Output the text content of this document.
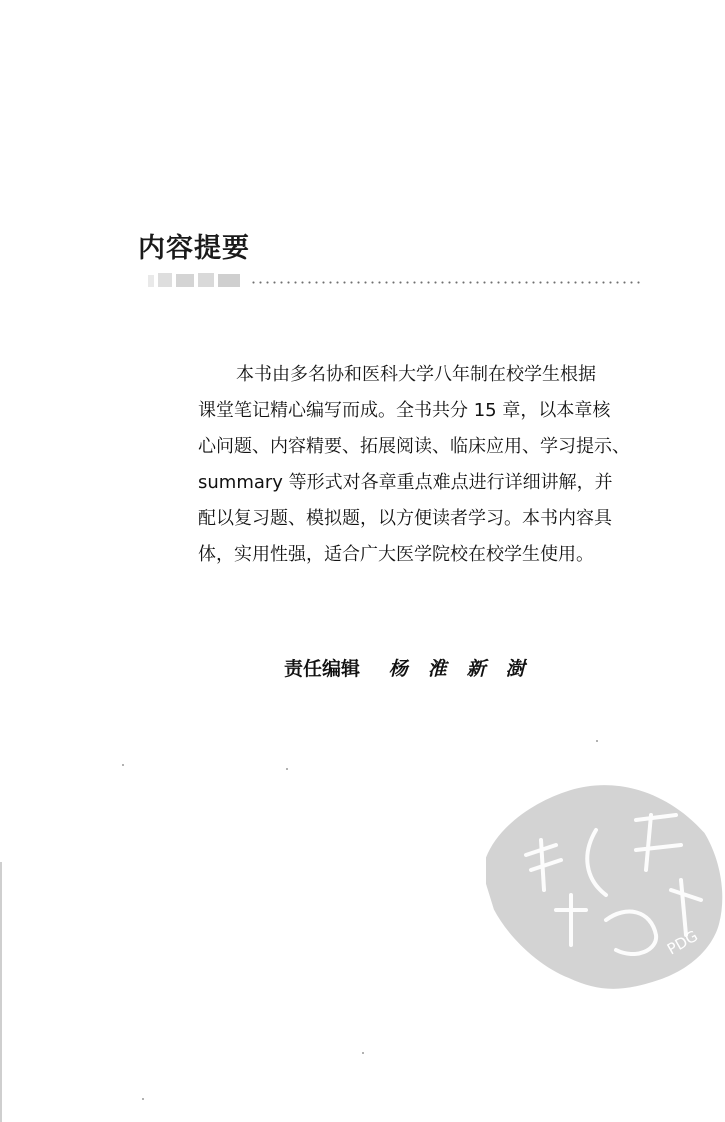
内容提要
本书由多名协和医科大学八年制在校学生根据
课堂笔记精心编写而成。全书共分 15 章，以本章核
心问题、内容精要、拓展阅读、临床应用、学习提示、
summary 等形式对各章重点难点进行详细讲解，并
配以复习题、模拟题，以方便读者学习。本书内容具
体，实用性强，适合广大医学院校在校学生使用。
责任编辑 杨淮新澍
PDG
